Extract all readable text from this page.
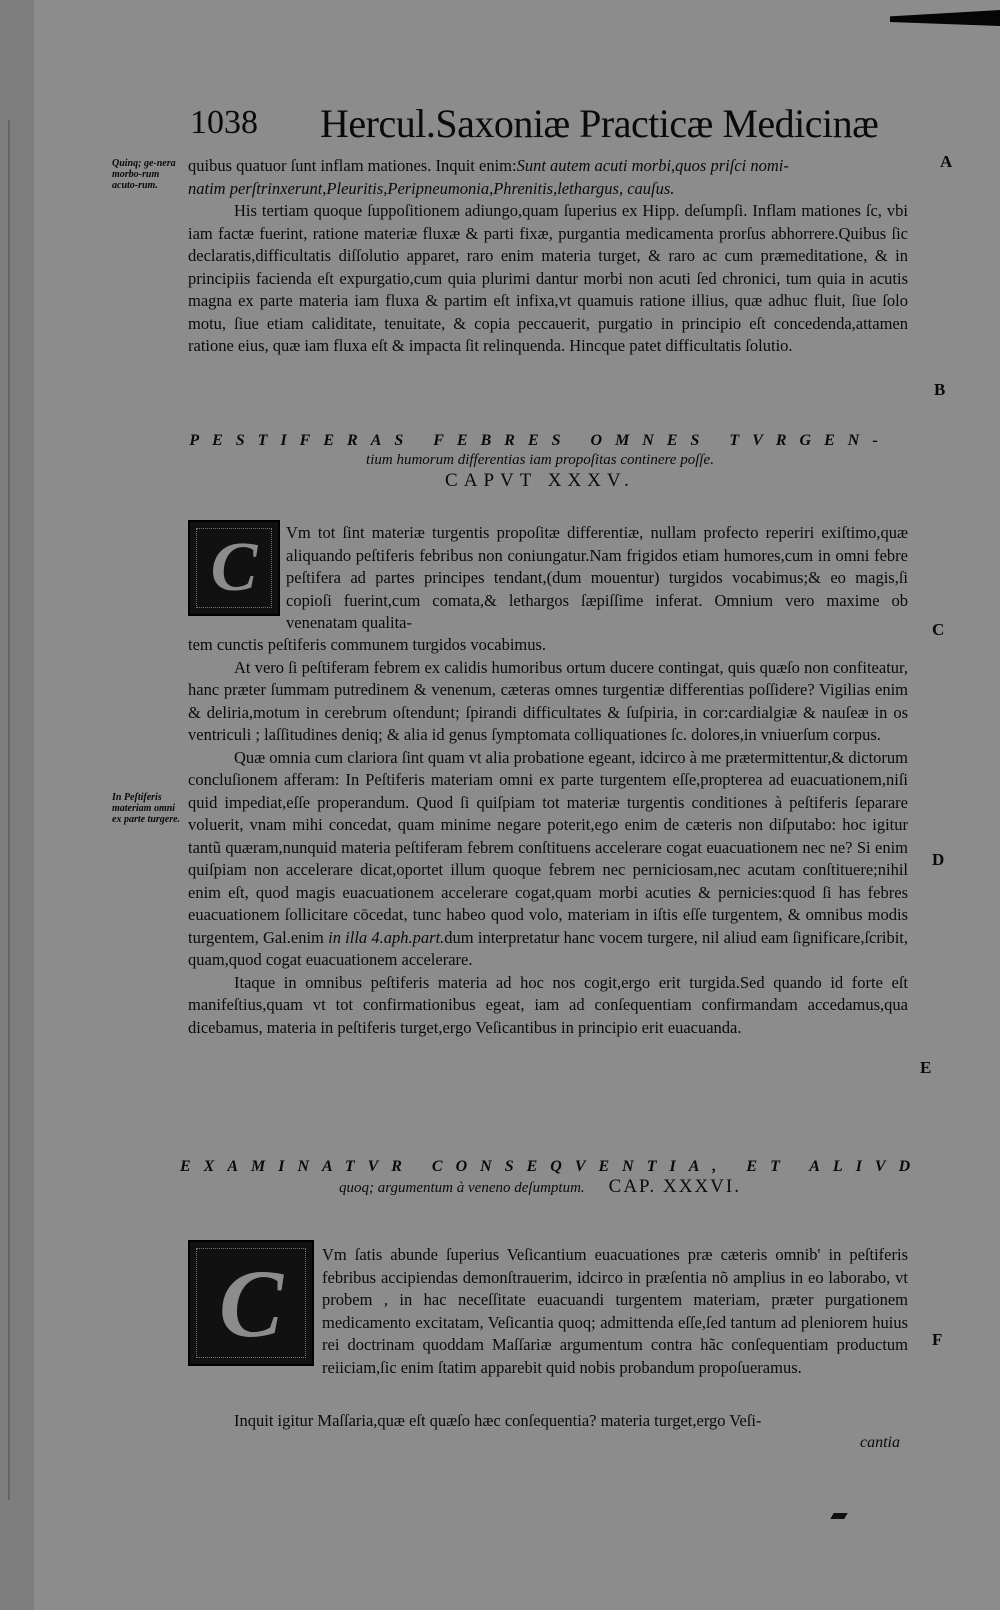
1038 Hercul.Saxoniæ Practicæ Medicinæ
Quinq; ge-nera morbo-rum acuto-rum.
A

quibus quatuor ſunt inflam mationes. Inquit enim:Sunt autem acuti morbi,quos priſci nomi-

natim perſtrinxerunt,Pleuritis,Peripneumonia,Phrenitis,lethargus, cauſus.

His tertiam quoque ſuppoſitionem adiungo,quam ſuperius ex Hipp. deſumpſi. Inflam mationes ſc, vbi iam factæ fuerint, ratione materiæ fluxæ & parti fixæ, purgantia medicamenta prorſus abhorrere.Quibus ſic declaratis,difficultatis diſſolutio apparet, raro enim materia turget, & raro ac cum præmeditatione, & in principiis facienda eſt expurgatio,cum quia plurimi dantur morbi non acuti ſed chronici, tum quia in acutis magna ex parte materia iam fluxa & partim eſt infixa,vt quamuis ratione illius, quæ adhuc fluit, ſiue ſolo motu, ſiue etiam caliditate, tenuitate, & copia peccauerit, purgatio in principio eſt concedenda,attamen ratione eius, quæ iam fluxa eſt & impacta ſit relinquenda. Hincque patet difficultatis ſolutio.

B
PESTIFERAS FEBRES OMNES TVRGEN-
tium humorum differentias iam propoſitas continere poſſe.
CAPVT XXXV.
C Vm tot ſint materiæ turgentis propoſitæ differentiæ, nullam profecto reperiri exiſtimo,quæ aliquando peſtiferis febribus non coniungatur.Nam frigidos etiam humores,cum in omni febre peſtifera ad partes principes tendant,(dum mouentur) turgidos vocabimus;& eo magis,ſi copioſi fuerint,cum comata,& lethargos ſæpiſſime inferat. Omnium vero maxime ob venenatam qualita-	C

tem cunctis peſtiferis communem turgidos vocabimus.

At vero ſi peſtiferam febrem ex calidis humoribus ortum ducere contingat, quis quæſo non confiteatur, hanc præter ſummam putredinem & venenum, cæteras omnes turgentiæ differentias poſſidere? Vigilias enim & deliria,motum in cerebrum oſtendunt; ſpirandi difficultates & ſuſpiria, in cor:cardialgiæ & nauſeæ in os ventriculi ; laſſitudines deniq; & alia id genus ſymptomata colliquationes ſc. dolores,in vniuerſum corpus.

Quæ omnia cum clariora ſint quam vt alia probatione egeant, idcirco à me prætermittentur,& dictorum concluſionem afferam: In Peſtiferis materiam omni ex parte turgentem eſſe,propterea ad euacuationem,niſi quid impediat,eſſe properandum. Quod ſi quiſpiam tot materiæ turgentis conditiones à peſtiferis ſeparare voluerit, vnam mihi concedat, quam minime negare poterit,ego enim de cæteris non diſputabo: hoc igitur tantũ quæram,nunquid materia peſtiferam febrem conſtituens accelerare cogat euacuationem nec ne? Si enim quiſpiam non accelerare dicat,oportet illum quoque febrem nec perniciosam,nec acutam conſtituere;nihil enim eſt, quod magis euacuationem accelerare cogat,quam morbi acuties & pernicies:quod ſi has febres euacuationem ſollicitare cōcedat, tunc habeo quod volo, materiam in iſtis eſſe turgentem, & omnibus modis turgentem, Gal.enim in illa 4.aph.part.dum interpretatur hanc vocem turgere, nil aliud eam ſignificare,ſcribit, quam,quod cogat euacuationem accelerare.

Itaque in omnibus peſtiferis materia ad hoc nos cogit,ergo erit turgida.Sed quando id forte eſt manifeſtius,quam vt tot confirmationibus egeat, iam ad conſequentiam confirmandam accedamus,qua dicebamus, materia in peſtiferis turget,ergo Veſicantibus in principio erit euacuanda.

In Peſtiferis materiam omni ex parte turgere.
D
E
EXAMINATVR CONSEQVENTIA, ET ALIVD
quoq; argumentum à veneno deſumptum. CAP. XXXVI.
C Vm ſatis abunde ſuperius Veſicantium euacuationes præ cæteris omnib' in peſtiferis febribus accipiendas demonſtrauerim, idcirco in præſentia nõ amplius in eo laborabo, vt probem , in hac neceſſitate euacuandi turgentem materiam, præter purgationem medicamento excitatam, Veſicantia quoq; admittenda eſſe,ſed tantum ad pleniorem huius rei doctrinam quoddam Maſſariæ argumentum contra hãc conſequentiam productum reiiciam,ſic enim ſtatim apparebit quid nobis probandum propoſueramus.

F

Inquit igitur Maſſaria,quæ eſt quæſo hæc conſequentia? materia turget,ergo Veſi-

cantia
